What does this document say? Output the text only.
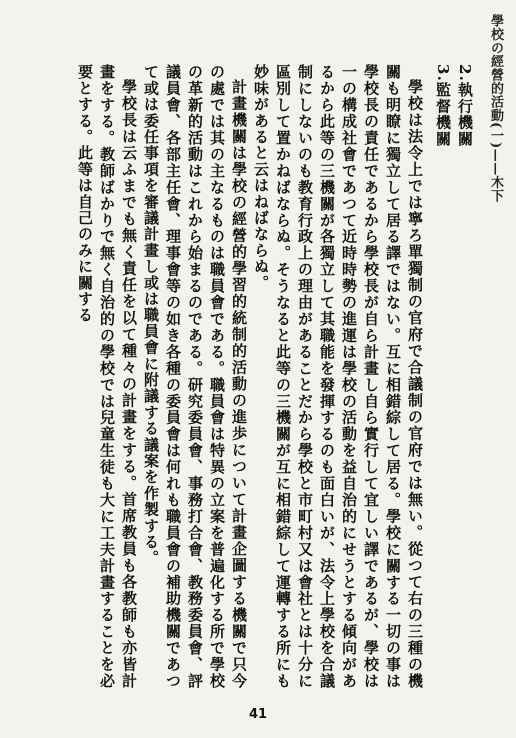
學校の經營的活動(一)——木下
2.執行機關
3.監督機關
學校は法令上では寧ろ單獨制の官府で合議制の官府では無い。從つて右の三種の機關も明瞭に獨立して居る譯ではない。互に相錯綜して居る。學校に關する一切の事は學校長の責任であるから學校長が自ら計畫し自ら實行して宜しい譯であるが、學校は一の構成社會であつて近時時勢の進運は學校の活動を益自治的にせうとする傾向があるから此等の三機關が各獨立して其職能を發揮するのも面白いが、法令上學校を合議制にしないのも教育行政上の理由があることだから學校と市町村又は會社とは十分に區別して置かねばならぬ。そうなると此等の三機關が互に相錯綜して運轉する所にも妙味があると云はねばならぬ。
計畫機關は學校の經營的學習的統制的活動の進歩について計畫企圖する機關で只今の處では其の主なるものは職員會である。職員會は特異の立案を普遍化する所で學校の革新的活動はこれから始まるのである。研究委員會、事務打合會、教務委員會、評議員會、各部主任會、理事會等の如き各種の委員會は何れも職員會の補助機關であつて或は委任事項を審議計畫し或は職員會に附議する議案を作製する。
學校長は云ふまでも無く責任を以て種々の計畫をする。首席教員も各教師も亦皆計畫をする。教師ばかりで無く自治的の學校では兒童生徒も大に工夫計畫することを必要とする。此等は自己のみに關する
41
